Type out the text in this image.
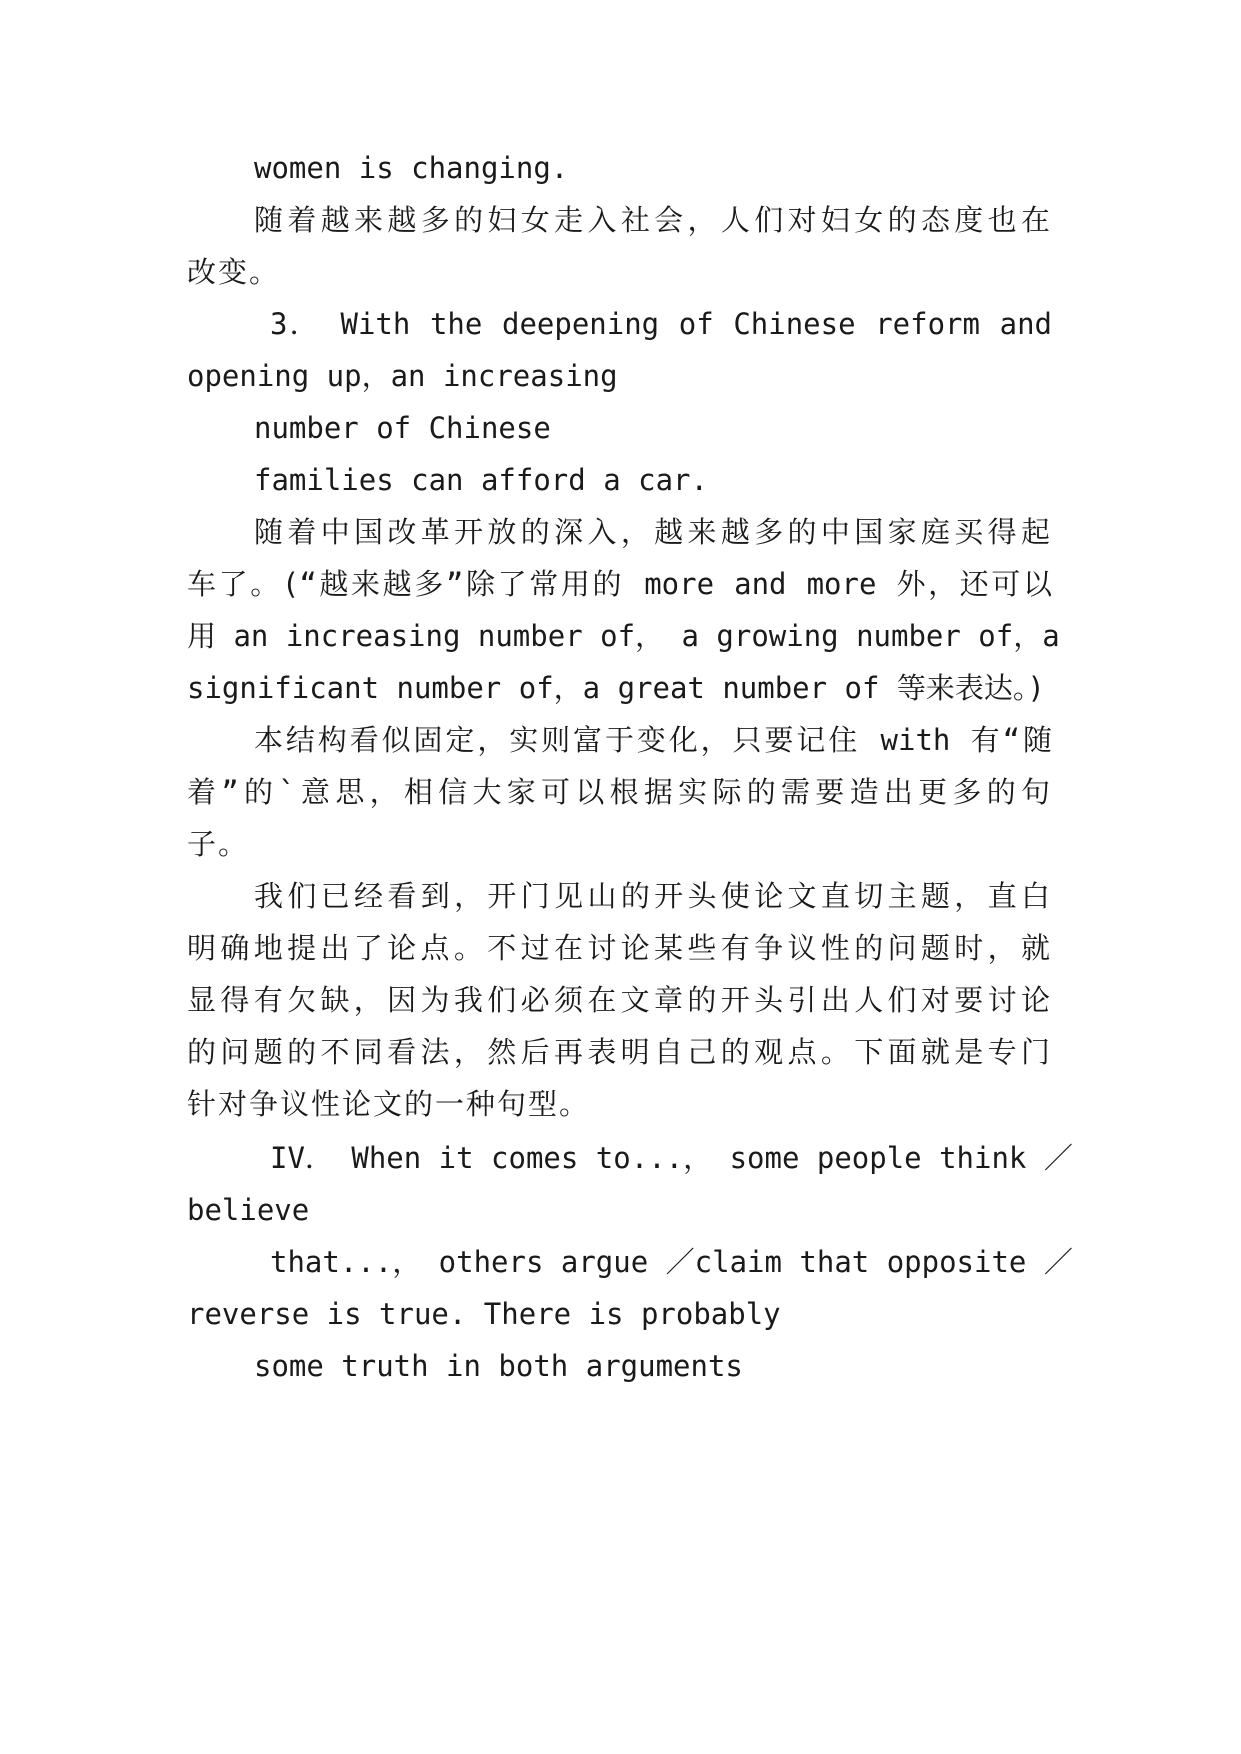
women is changing.
随着越来越多的妇女走入社会，人们对妇女的态度也在
改变。
3． With the deepening of Chinese reform and
opening up，an increasing
number of Chinese
families can afford a car.
随着中国改革开放的深入，越来越多的中国家庭买得起
车了。(“越来越多”除了常用的 more and more 外，还可以
用 an increasing number of， a growing number of，a
significant number of，a great number of 等来表达。)
本结构看似固定，实则富于变化，只要记住 with 有“随
着”的`意思，相信大家可以根据实际的需要造出更多的句
子。
我们已经看到，开门见山的开头使论文直切主题，直白
明确地提出了论点。不过在讨论某些有争议性的问题时，就
显得有欠缺，因为我们必须在文章的开头引出人们对要讨论
的问题的不同看法，然后再表明自己的观点。下面就是专门
针对争议性论文的一种句型。
IV． When it comes to...， some people think ／
believe
that...， others argue ／claim that opposite ／
reverse is true. There is probably
some truth in both arguments
